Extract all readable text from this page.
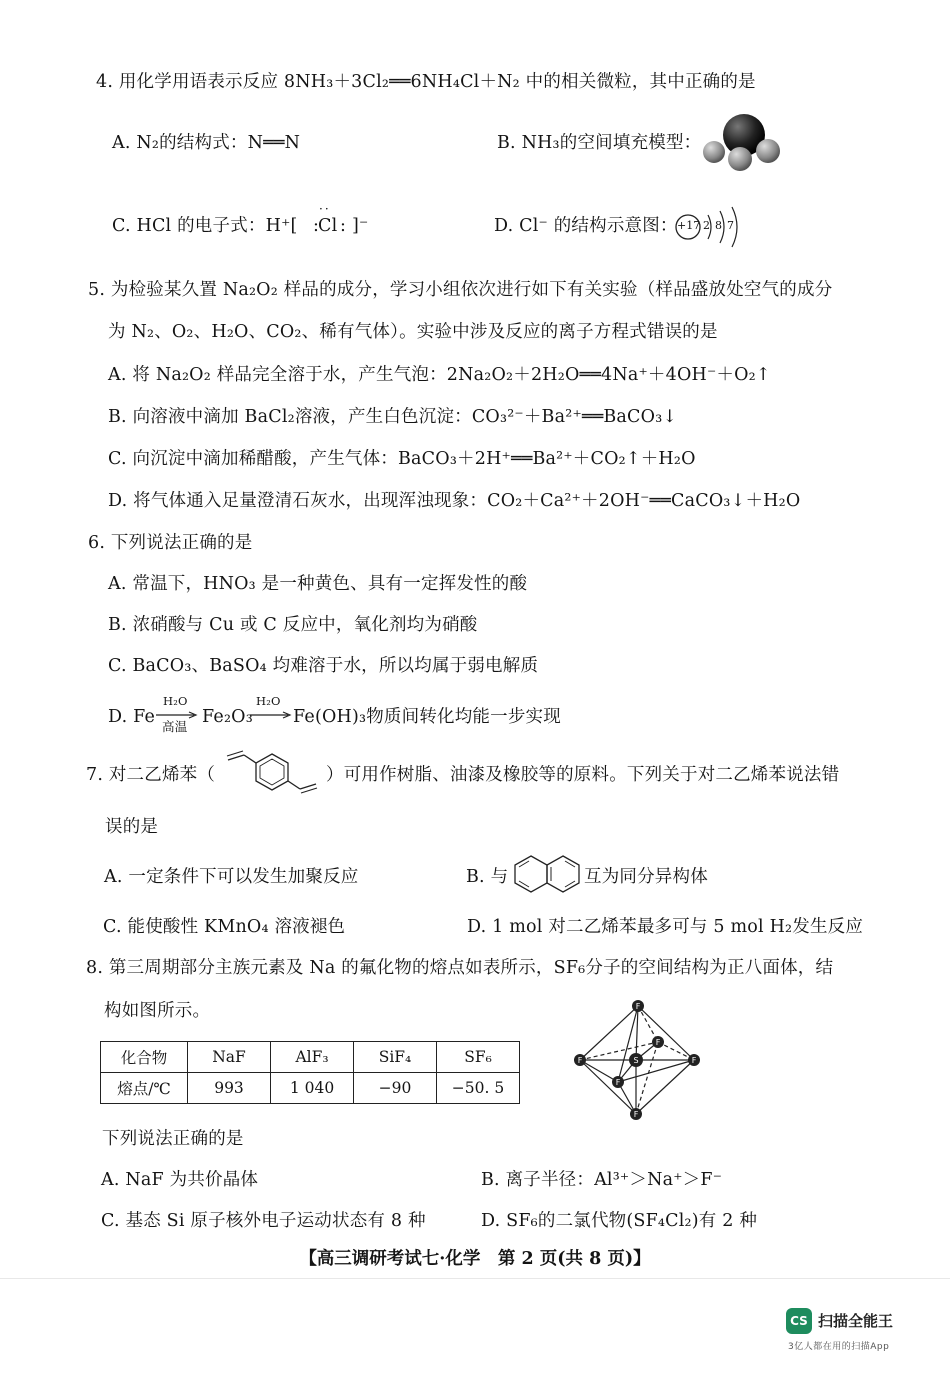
4. 用化学用语表示反应 8NH₃＋3Cl₂══6NH₄Cl＋N₂ 中的相关微粒，其中正确的是
A. N₂的结构式：N══N	B. NH₃的空间填充模型：
C. HCl 的电子式：H⁺[ :
Cl :
··
]⁻	D. Cl⁻ 的结构示意图： +17 2 8 7
5. 为检验某久置 Na₂O₂ 样品的成分，学习小组依次进行如下有关实验（样品盛放处空气的成分
为 N₂、O₂、H₂O、CO₂、稀有气体）。实验中涉及反应的离子方程式错误的是
A. 将 Na₂O₂ 样品完全溶于水，产生气泡：2Na₂O₂＋2H₂O══4Na⁺＋4OH⁻＋O₂↑
B. 向溶液中滴加 BaCl₂溶液，产生白色沉淀：CO₃²⁻＋Ba²⁺══BaCO₃↓
C. 向沉淀中滴加稀醋酸，产生气体：BaCO₃＋2H⁺══Ba²⁺＋CO₂↑＋H₂O
D. 将气体通入足量澄清石灰水，出现浑浊现象：CO₂＋Ca²⁺＋2OH⁻══CaCO₃↓＋H₂O
6. 下列说法正确的是
A. 常温下，HNO₃ 是一种黄色、具有一定挥发性的酸
B. 浓硝酸与 Cu 或 C 反应中，氧化剂均为硝酸
C. BaCO₃、BaSO₄ 均难溶于水，所以均属于弱电解质
D. Fe
H₂O
高温 Fe₂O₃
H₂O
Fe(OH)₃物质间转化均能一步实现
7. 对二乙烯苯（	）可用作树脂、油漆及橡胶等的原料。下列关于对二乙烯苯说法错
误的是
A. 一定条件下可以发生加聚反应	B. 与	互为同分异构体
C. 能使酸性 KMnO₄ 溶液褪色	D. 1 mol 对二乙烯苯最多可与 5 mol H₂发生反应
8. 第三周期部分主族元素及 Na 的氟化物的熔点如表所示，SF₆分子的空间结构为正八面体，结
构如图所示。
化合物	NaF	AlF₃	SiF₄	SF₆
熔点/℃	993	1 040	−90	−50. 5
S
F
F
F	F
F
F
下列说法正确的是
A. NaF 为共价晶体	B. 离子半径：Al³⁺＞Na⁺＞F⁻
C. 基态 Si 原子核外电子运动状态有 8 种	D. SF₆的二氯代物(SF₄Cl₂)有 2 种
【高三调研考试七·化学　第 2 页(共 8 页)】
CS 扫描全能王
3亿人都在用的扫描App
